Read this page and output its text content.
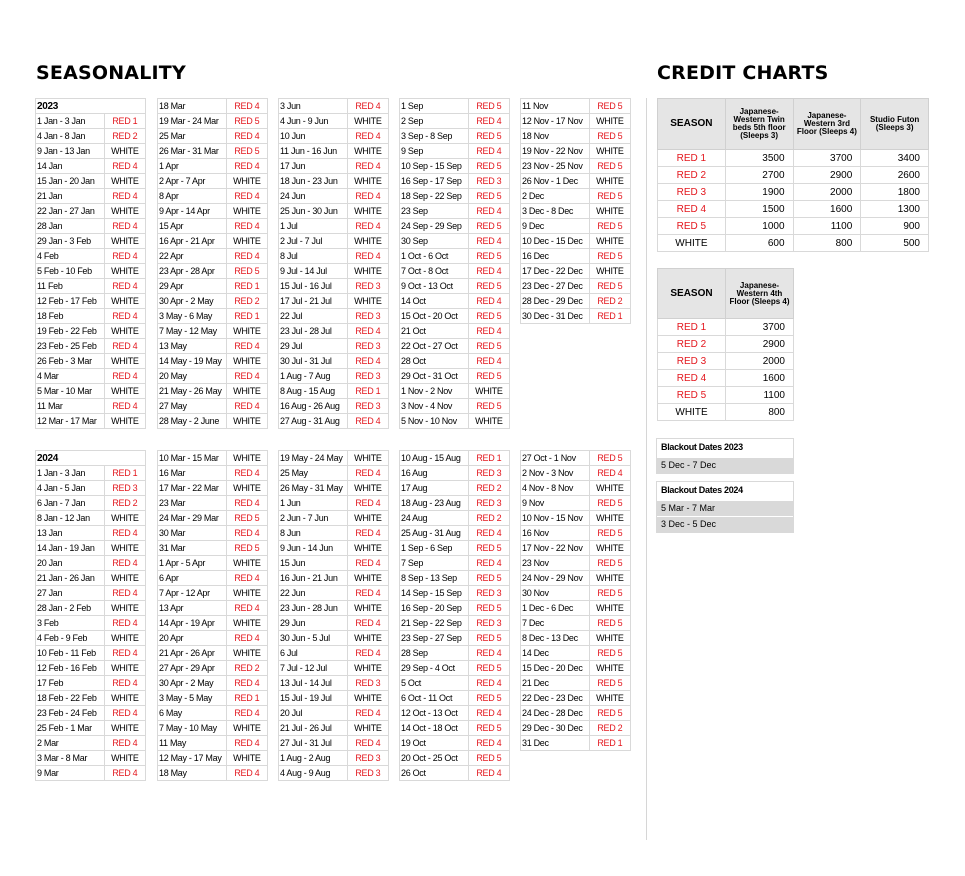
SEASONALITY	CREDIT CHARTS
2023	
1 Jan - 3 Jan	RED 1
4 Jan - 8 Jan	RED 2
9 Jan - 13 Jan	WHITE
14 Jan	RED 4
15 Jan - 20 Jan	WHITE
21 Jan	RED 4
22 Jan - 27 Jan	WHITE
28 Jan	RED 4
29 Jan - 3 Feb	WHITE
4 Feb	RED 4
5 Feb - 10 Feb	WHITE
11 Feb	RED 4
12 Feb - 17 Feb	WHITE
18 Feb	RED 4
19 Feb - 22 Feb	WHITE
23 Feb - 25 Feb	RED 4
26 Feb - 3 Mar	WHITE
4 Mar	RED 4
5 Mar - 10 Mar	WHITE
11 Mar	RED 4
12 Mar - 17 Mar	WHITE
18 Mar	RED 4
19 Mar - 24 Mar	RED 5
25 Mar	RED 4
26 Mar - 31 Mar	RED 5
1 Apr	RED 4
2 Apr - 7 Apr	WHITE
8 Apr	RED 4
9 Apr - 14 Apr	WHITE
15 Apr	RED 4
16 Apr - 21 Apr	WHITE
22 Apr	RED 4
23 Apr - 28 Apr	RED 5
29 Apr	RED 1
30 Apr - 2 May	RED 2
3 May - 6 May	RED 1
7 May - 12 May	WHITE
13 May	RED 4
14 May - 19 May	WHITE
20 May	RED 4
21 May - 26 May	WHITE
27 May	RED 4
28 May - 2 June	WHITE
3 Jun	RED 4
4 Jun - 9 Jun	WHITE
10 Jun	RED 4
11 Jun - 16 Jun	WHITE
17 Jun	RED 4
18 Jun - 23 Jun	WHITE
24 Jun	RED 4
25 Jun - 30 Jun	WHITE
1 Jul	RED 4
2 Jul - 7 Jul	WHITE
8 Jul	RED 4
9 Jul - 14 Jul	WHITE
15 Jul - 16 Jul	RED 3
17 Jul - 21 Jul	WHITE
22 Jul	RED 3
23 Jul - 28 Jul	RED 4
29 Jul	RED 3
30 Jul - 31 Jul	RED 4
1 Aug - 7 Aug	RED 3
8 Aug - 15 Aug	RED 1
16 Aug - 26 Aug	RED 3
27 Aug - 31 Aug	RED 4
1 Sep	RED 5
2 Sep	RED 4
3 Sep - 8 Sep	RED 5
9 Sep	RED 4
10 Sep - 15 Sep	RED 5
16 Sep - 17 Sep	RED 3
18 Sep - 22 Sep	RED 5
23 Sep	RED 4
24 Sep - 29 Sep	RED 5
30 Sep	RED 4
1 Oct - 6 Oct	RED 5
7 Oct - 8 Oct	RED 4
9 Oct - 13 Oct	RED 5
14 Oct	RED 4
15 Oct - 20 Oct	RED 5
21 Oct	RED 4
22 Oct - 27 Oct	RED 5
28 Oct	RED 4
29 Oct - 31 Oct	RED 5
1 Nov - 2 Nov	WHITE
3 Nov - 4 Nov	RED 5
5 Nov - 10 Nov	WHITE
11 Nov	RED 5
12 Nov - 17 Nov	WHITE
18 Nov	RED 5
19 Nov - 22 Nov	WHITE
23 Nov - 25 Nov	RED 5
26 Nov - 1 Dec	WHITE
2 Dec	RED 5
3 Dec - 8 Dec	WHITE
9 Dec	RED 5
10 Dec - 15 Dec	WHITE
16 Dec	RED 5
17 Dec - 22 Dec	WHITE
23 Dec - 27 Dec	RED 5
28 Dec - 29 Dec	RED 2
30 Dec - 31 Dec	RED 1
2024	
1 Jan - 3 Jan	RED 1
4 Jan - 5 Jan	RED 3
6 Jan - 7 Jan	RED 2
8 Jan - 12 Jan	WHITE
13 Jan	RED 4
14 Jan - 19 Jan	WHITE
20 Jan	RED 4
21 Jan - 26 Jan	WHITE
27 Jan	RED 4
28 Jan - 2 Feb	WHITE
3 Feb	RED 4
4 Feb - 9 Feb	WHITE
10 Feb - 11 Feb	RED 4
12 Feb - 16 Feb	WHITE
17 Feb	RED 4
18 Feb - 22 Feb	WHITE
23 Feb - 24 Feb	RED 4
25 Feb - 1 Mar	WHITE
2 Mar	RED 4
3 Mar - 8 Mar	WHITE
9 Mar	RED 4
10 Mar - 15 Mar	WHITE
16 Mar	RED 4
17 Mar - 22 Mar	WHITE
23 Mar	RED 4
24 Mar - 29 Mar	RED 5
30 Mar	RED 4
31 Mar	RED 5
1 Apr - 5 Apr	WHITE
6 Apr	RED 4
7 Apr - 12 Apr	WHITE
13 Apr	RED 4
14 Apr - 19 Apr	WHITE
20 Apr	RED 4
21 Apr - 26 Apr	WHITE
27 Apr - 29 Apr	RED 2
30 Apr - 2 May	RED 4
3 May - 5 May	RED 1
6 May	RED 4
7 May - 10 May	WHITE
11 May	RED 4
12 May - 17 May	WHITE
18 May	RED 4
19 May - 24 May	WHITE
25 May	RED 4
26 May - 31 May	WHITE
1 Jun	RED 4
2 Jun - 7 Jun	WHITE
8 Jun	RED 4
9 Jun - 14 Jun	WHITE
15 Jun	RED 4
16 Jun - 21 Jun	WHITE
22 Jun	RED 4
23 Jun - 28 Jun	WHITE
29 Jun	RED 4
30 Jun - 5 Jul	WHITE
6 Jul	RED 4
7 Jul - 12 Jul	WHITE
13 Jul - 14 Jul	RED 3
15 Jul - 19 Jul	WHITE
20 Jul	RED 4
21 Jul - 26 Jul	WHITE
27 Jul - 31 Jul	RED 4
1 Aug - 2 Aug	RED 3
4 Aug - 9 Aug	RED 3
10 Aug - 15 Aug	RED 1
16 Aug	RED 3
17 Aug	RED 2
18 Aug - 23 Aug	RED 3
24 Aug	RED 2
25 Aug - 31 Aug	RED 4
1 Sep - 6 Sep	RED 5
7 Sep	RED 4
8 Sep - 13 Sep	RED 5
14 Sep - 15 Sep	RED 3
16 Sep - 20 Sep	RED 5
21 Sep - 22 Sep	RED 3
23 Sep - 27 Sep	RED 5
28 Sep	RED 4
29 Sep - 4 Oct	RED 5
5 Oct	RED 4
6 Oct - 11 Oct	RED 5
12 Oct - 13 Oct	RED 4
14 Oct - 18 Oct	RED 5
19 Oct	RED 4
20 Oct - 25 Oct	RED 5
26 Oct	RED 4
27 Oct - 1 Nov	RED 5
2 Nov - 3 Nov	RED 4
4 Nov - 8 Nov	WHITE
9 Nov	RED 5
10 Nov - 15 Nov	WHITE
16 Nov	RED 5
17 Nov - 22 Nov	WHITE
23 Nov	RED 5
24 Nov - 29 Nov	WHITE
30 Nov	RED 5
1 Dec - 6 Dec	WHITE
7 Dec	RED 5
8 Dec - 13 Dec	WHITE
14 Dec	RED 5
15 Dec - 20 Dec	WHITE
21 Dec	RED 5
22 Dec - 23 Dec	WHITE
24 Dec - 28 Dec	RED 5
29 Dec - 30 Dec	RED 2
31 Dec	RED 1
SEASON	Japanese-Western Twin beds 5th floor (Sleeps 3)	Japanese-Western 3rd Floor (Sleeps 4)	Studio Futon (Sleeps 3)
RED 1	3500	3700	3400
RED 2	2700	2900	2600
RED 3	1900	2000	1800
RED 4	1500	1600	1300
RED 5	1000	1100	900
WHITE	600	800	500
SEASON	Japanese-Western 4th Floor (Sleeps 4)
RED 1	3700
RED 2	2900
RED 3	2000
RED 4	1600
RED 5	1100
WHITE	800
Blackout Dates 2023
5 Dec - 7 Dec
Blackout Dates 2024
5 Mar - 7 Mar
3 Dec - 5 Dec
